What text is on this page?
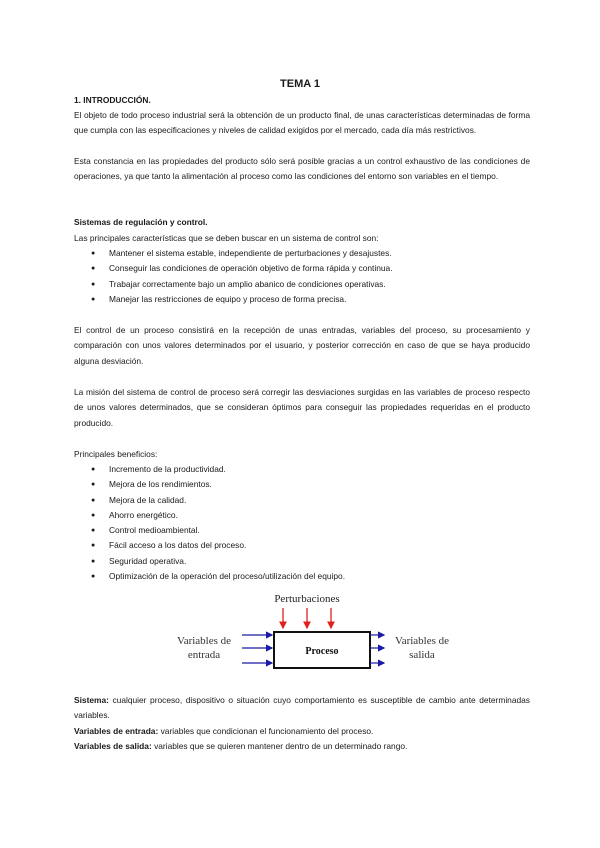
TEMA 1
1. INTRODUCCIÓN.
El objeto de todo proceso industrial será la obtención de un producto final, de unas características determinadas de forma que cumpla con las especificaciones y niveles de calidad exigidos por el mercado, cada día más restrictivos.
Esta constancia en las propiedades del producto sólo será posible gracias a un control exhaustivo de las condiciones de operaciones, ya que tanto la alimentación al proceso como las condiciones del entorno son variables en el tiempo.
Sistemas de regulación y control.
Las principales características que se deben buscar en un sistema de control son:
● Mantener el sistema estable, independiente de perturbaciones y desajustes.
● Conseguir las condiciones de operación objetivo de forma rápida y continua.
● Trabajar correctamente bajo un amplio abanico de condiciones operativas.
● Manejar las restricciones de equipo y proceso de forma precisa.
El control de un proceso consistirá en la recepción de unas entradas, variables del proceso, su procesamiento y comparación con unos valores determinados por el usuario, y posterior corrección en caso de que se haya producido alguna desviación.
La misión del sistema de control de proceso será corregir las desviaciones surgidas en las variables de proceso respecto de unos valores determinados, que se consideran óptimos para conseguir las propiedades requeridas en el producto producido.
Principales beneficios:
● Incremento de la productividad.
● Mejora de los rendimientos.
● Mejora de la calidad.
● Ahorro energético.
● Control medioambiental.
● Fácil acceso a los datos del proceso.
● Seguridad operativa.
● Optimización de la operación del proceso/utilización del equipo.
Perturbaciones
Proceso
Variables de
entrada
Variables de
salida
Sistema: cualquier proceso, dispositivo o situación cuyo comportamiento es susceptible de cambio ante determinadas variables.
Variables de entrada: variables que condicionan el funcionamiento del proceso.
Variables de salida: variables que se quieren mantener dentro de un determinado rango.
